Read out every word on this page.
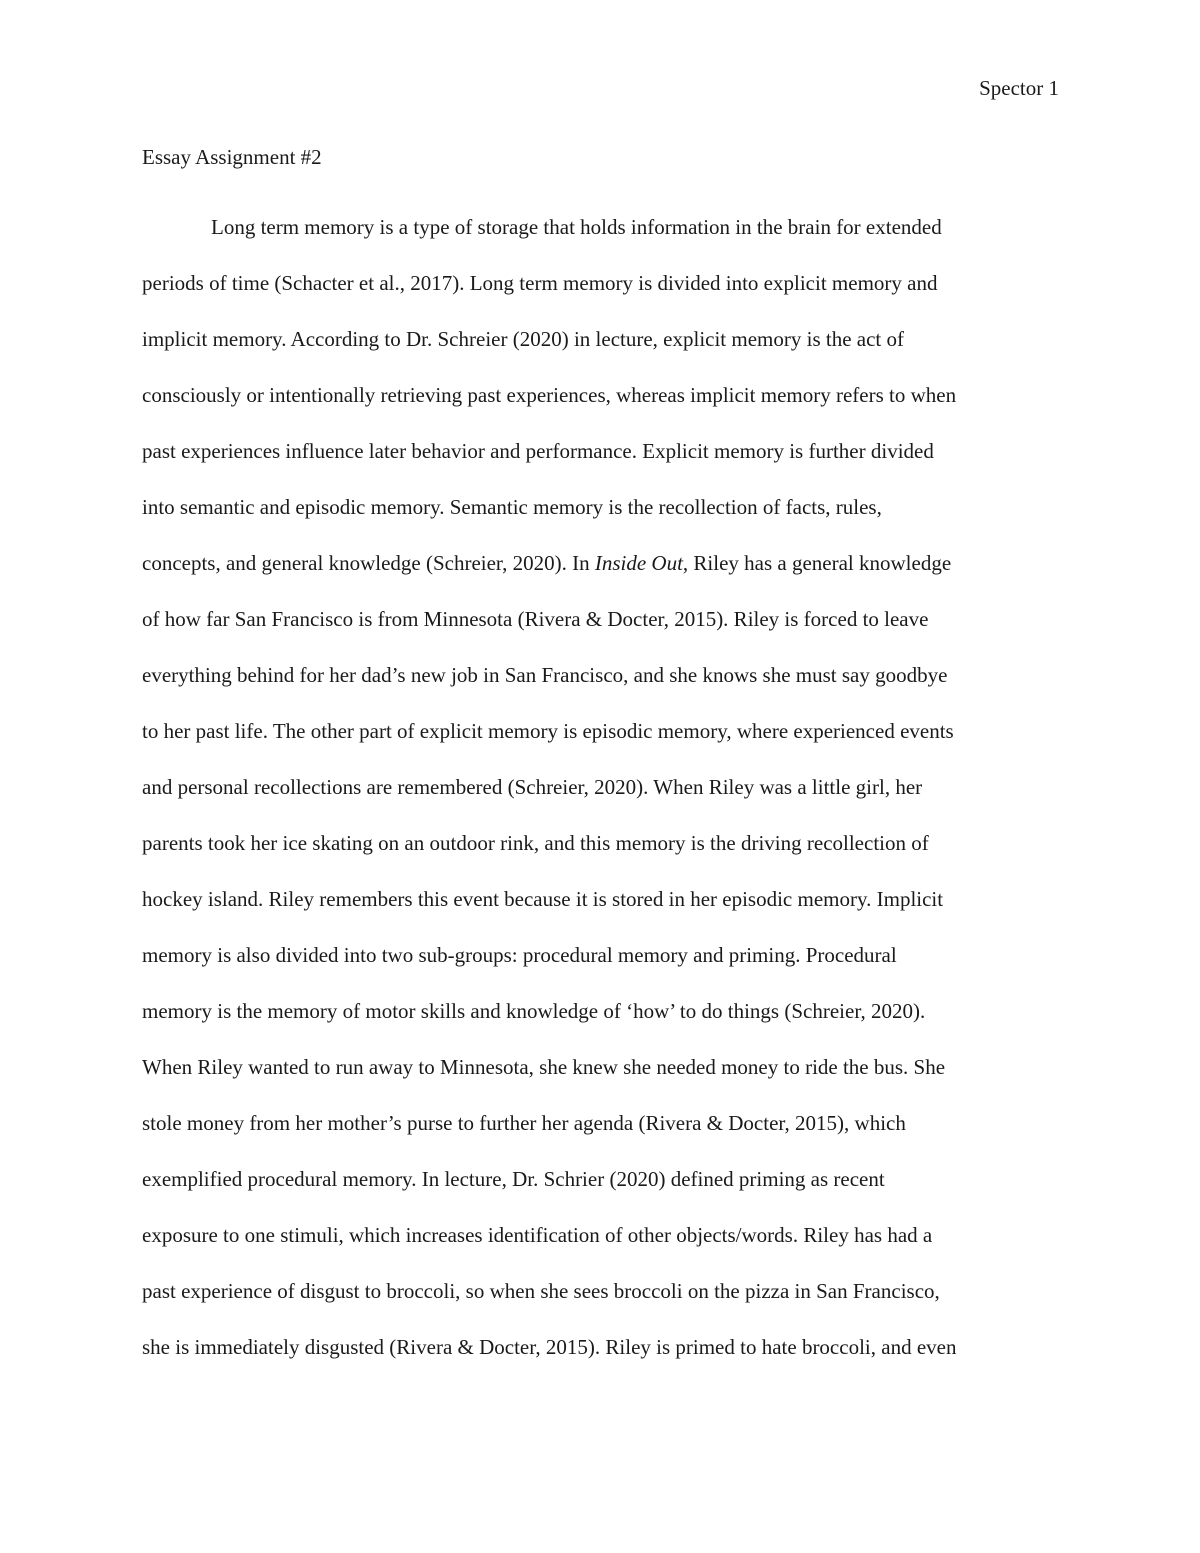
Spector 1
Essay Assignment #2
Long term memory is a type of storage that holds information in the brain for extended
periods of time (Schacter et al., 2017). Long term memory is divided into explicit memory and
implicit memory. According to Dr. Schreier (2020) in lecture, explicit memory is the act of
consciously or intentionally retrieving past experiences, whereas implicit memory refers to when
past experiences influence later behavior and performance. Explicit memory is further divided
into semantic and episodic memory. Semantic memory is the recollection of facts, rules,
concepts, and general knowledge (Schreier, 2020). In Inside Out, Riley has a general knowledge
of how far San Francisco is from Minnesota (Rivera & Docter, 2015). Riley is forced to leave
everything behind for her dad’s new job in San Francisco, and she knows she must say goodbye
to her past life. The other part of explicit memory is episodic memory, where experienced events
and personal recollections are remembered (Schreier, 2020). When Riley was a little girl, her
parents took her ice skating on an outdoor rink, and this memory is the driving recollection of
hockey island. Riley remembers this event because it is stored in her episodic memory. Implicit
memory is also divided into two sub-groups: procedural memory and priming. Procedural
memory is the memory of motor skills and knowledge of ‘how’ to do things (Schreier, 2020).
When Riley wanted to run away to Minnesota, she knew she needed money to ride the bus. She
stole money from her mother’s purse to further her agenda (Rivera & Docter, 2015), which
exemplified procedural memory. In lecture, Dr. Schrier (2020) defined priming as recent
exposure to one stimuli, which increases identification of other objects/words. Riley has had a
past experience of disgust to broccoli, so when she sees broccoli on the pizza in San Francisco,
she is immediately disgusted (Rivera & Docter, 2015). Riley is primed to hate broccoli, and even
